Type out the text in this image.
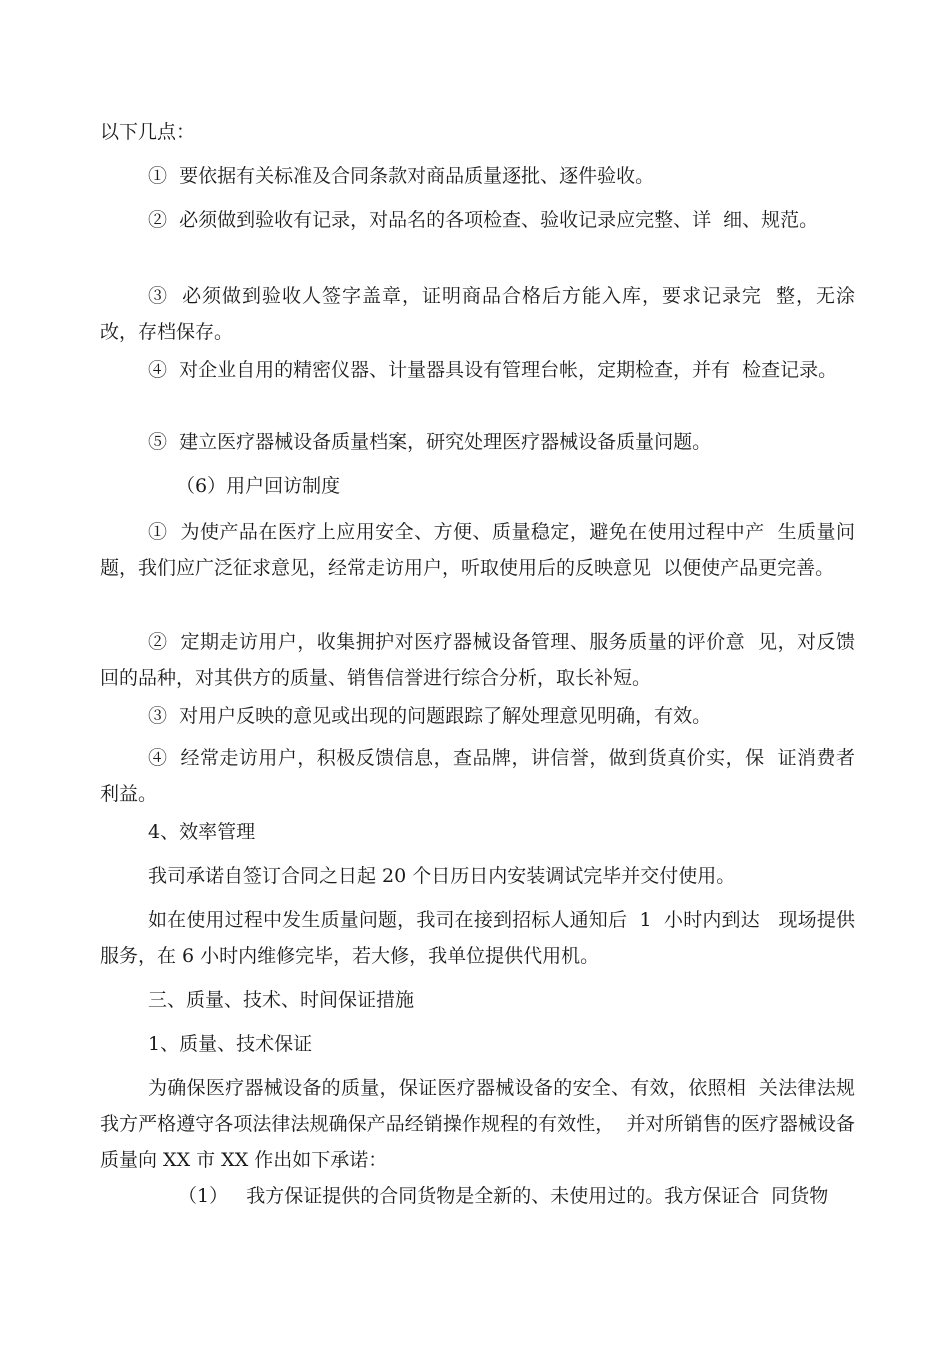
以下几点：

①  要依据有关标准及合同条款对商品质量逐批、逐件验收。

②  必须做到验收有记录，对品名的各项检查、验收记录应完整、详  细、规范。

③  必须做到验收人签字盖章，证明商品合格后方能入库，要求记录完  整，无涂改，存档保存。

④  对企业自用的精密仪器、计量器具设有管理台帐，定期检查，并有  检查记录。

⑤  建立医疗器械设备质量档案，研究处理医疗器械设备质量问题。

（6）用户回访制度

①  为使产品在医疗上应用安全、方便、质量稳定，避免在使用过程中产  生质量问题，我们应广泛征求意见，经常走访用户，听取使用后的反映意见  以便使产品更完善。

②  定期走访用户，收集拥护对医疗器械设备管理、服务质量的评价意  见，对反馈回的品种，对其供方的质量、销售信誉进行综合分析，取长补短。

③  对用户反映的意见或出现的问题跟踪了解处理意见明确，有效。

④  经常走访用户，积极反馈信息，查品牌，讲信誉，做到货真价实，保  证消费者利益。

4、效率管理

我司承诺自签订合同之日起 20 个日历日内安装调试完毕并交付使用。

如在使用过程中发生质量问题，我司在接到招标人通知后  1  小时内到达   现场提供服务，在 6 小时内维修完毕，若大修，我单位提供代用机。

三、质量、技术、时间保证措施

1、质量、技术保证

为确保医疗器械设备的质量，保证医疗器械设备的安全、有效，依照相  关法律法规我方严格遵守各项法律法规确保产品经销操作规程的有效性，  并对所销售的医疗器械设备质量向 XX 市 XX 作出如下承诺：

（1）   我方保证提供的合同货物是全新的、未使用过的。我方保证合  同货物
